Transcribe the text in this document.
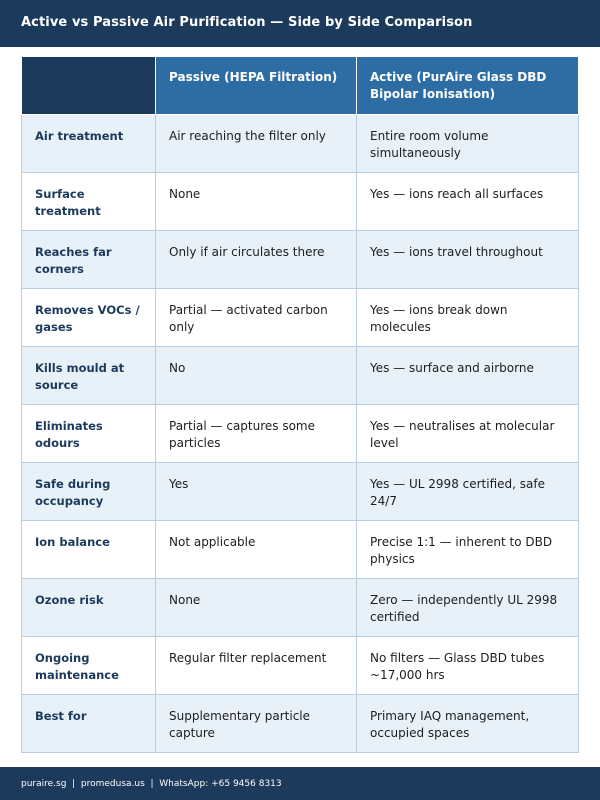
Active vs Passive Air Purification — Side by Side Comparison
	Passive (HEPA Filtration)	Active (PurAire Glass DBD Bipolar Ionisation)
Air treatment	Air reaching the filter only	Entire room volume simultaneously
Surface treatment	None	Yes — ions reach all surfaces
Reaches far corners	Only if air circulates there	Yes — ions travel throughout
Removes VOCs / gases	Partial — activated carbon only	Yes — ions break down molecules
Kills mould at source	No	Yes — surface and airborne
Eliminates odours	Partial — captures some particles	Yes — neutralises at molecular level
Safe during occupancy	Yes	Yes — UL 2998 certified, safe 24/7
Ion balance	Not applicable	Precise 1:1 — inherent to DBD physics
Ozone risk	None	Zero — independently UL 2998 certified
Ongoing maintenance	Regular filter replacement	No filters — Glass DBD tubes ~17,000 hrs
Best for	Supplementary particle capture	Primary IAQ management, occupied spaces
puraire.sg  |  promedusa.us  |  WhatsApp: +65 9456 8313
